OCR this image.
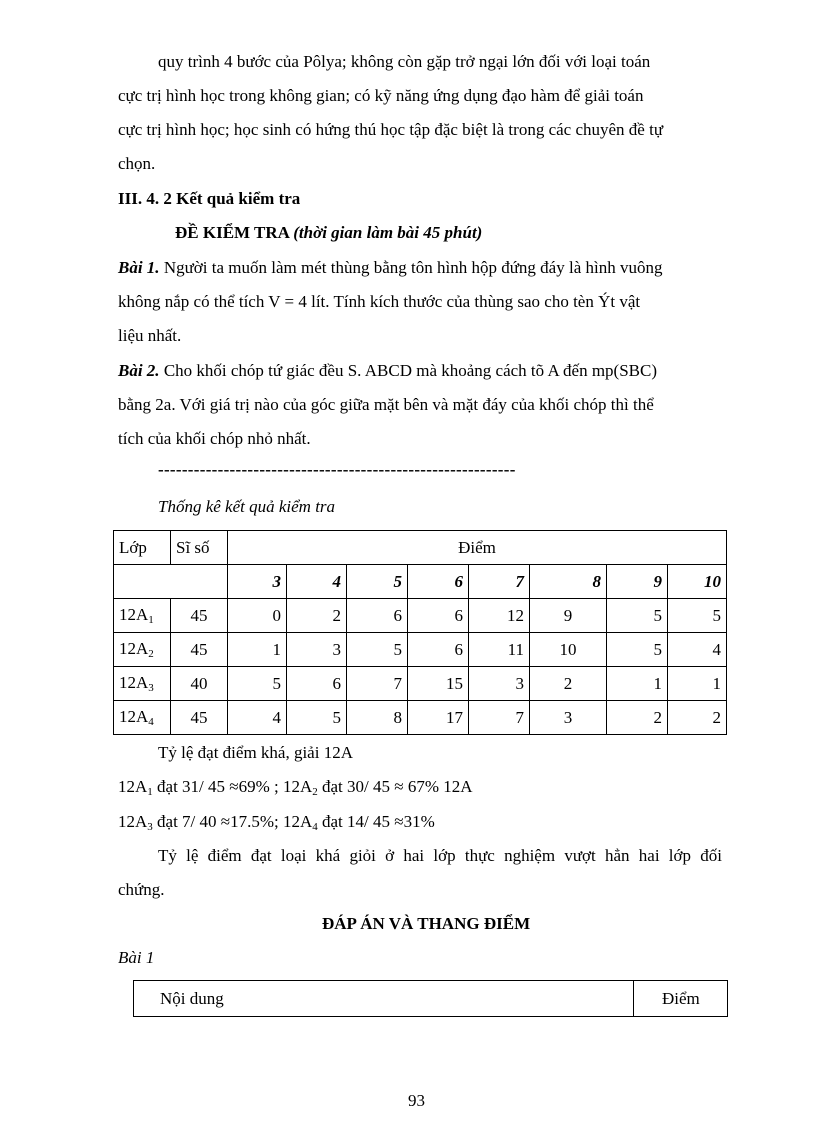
quy trình 4 bước của Pôlya; không còn gặp trở ngại lớn đối với loại toán
cực trị hình học trong không gian; có kỹ năng ứng dụng đạo hàm để giải toán
cực trị hình học; học sinh có hứng thú học tập đặc biệt là trong các chuyên đề tự
chọn.
III. 4. 2 Kết quả kiểm tra
ĐỀ KIỂM TRA (thời gian làm bài 45 phút)
Bài 1. Người ta muốn làm mét thùng bằng tôn hình hộp đứng đáy là hình vuông
không nắp có thể tích V = 4 lít. Tính kích thước của thùng sao cho tèn Ýt vật
liệu nhất.
Bài 2. Cho khối chóp tứ giác đều S. ABCD mà khoảng cách tõ A đến mp(SBC)
bằng 2a. Với giá trị nào của góc giữa mặt bên và mặt đáy của khối chóp thì thể
tích của khối chóp nhỏ nhất.
------------------------------------------------------------
Thống kê kết quả kiểm tra
Lớp	Sĩ số	Điểm							
		3	4	5	6	7	8	9	10
$12A_1$	45	0	2	6	6	12	9	5	5
$12A_2$	45	1	3	5	6	11	10	5	4
$12A_3$	40	5	6	7	15	3	2	1	1
$12A_4$	45	4	5	8	17	7	3	2	2
Tỷ lệ đạt điểm khá, giải 12A
$12A_1$ đạt 31/ 45 ≈69% ; $12A_2$ đạt 30/ 45 ≈ 67% 12A
$12A_3$ đạt 7/ 40 ≈17.5%; $12A_4$ đạt 14/ 45 ≈31%
Tỷ lệ điểm đạt loại khá giỏi ở hai lớp thực nghiệm vượt hẳn hai lớp đối
chứng.
ĐÁP ÁN VÀ THANG ĐIỂM
Bài 1
Nội dung	Điểm
93
